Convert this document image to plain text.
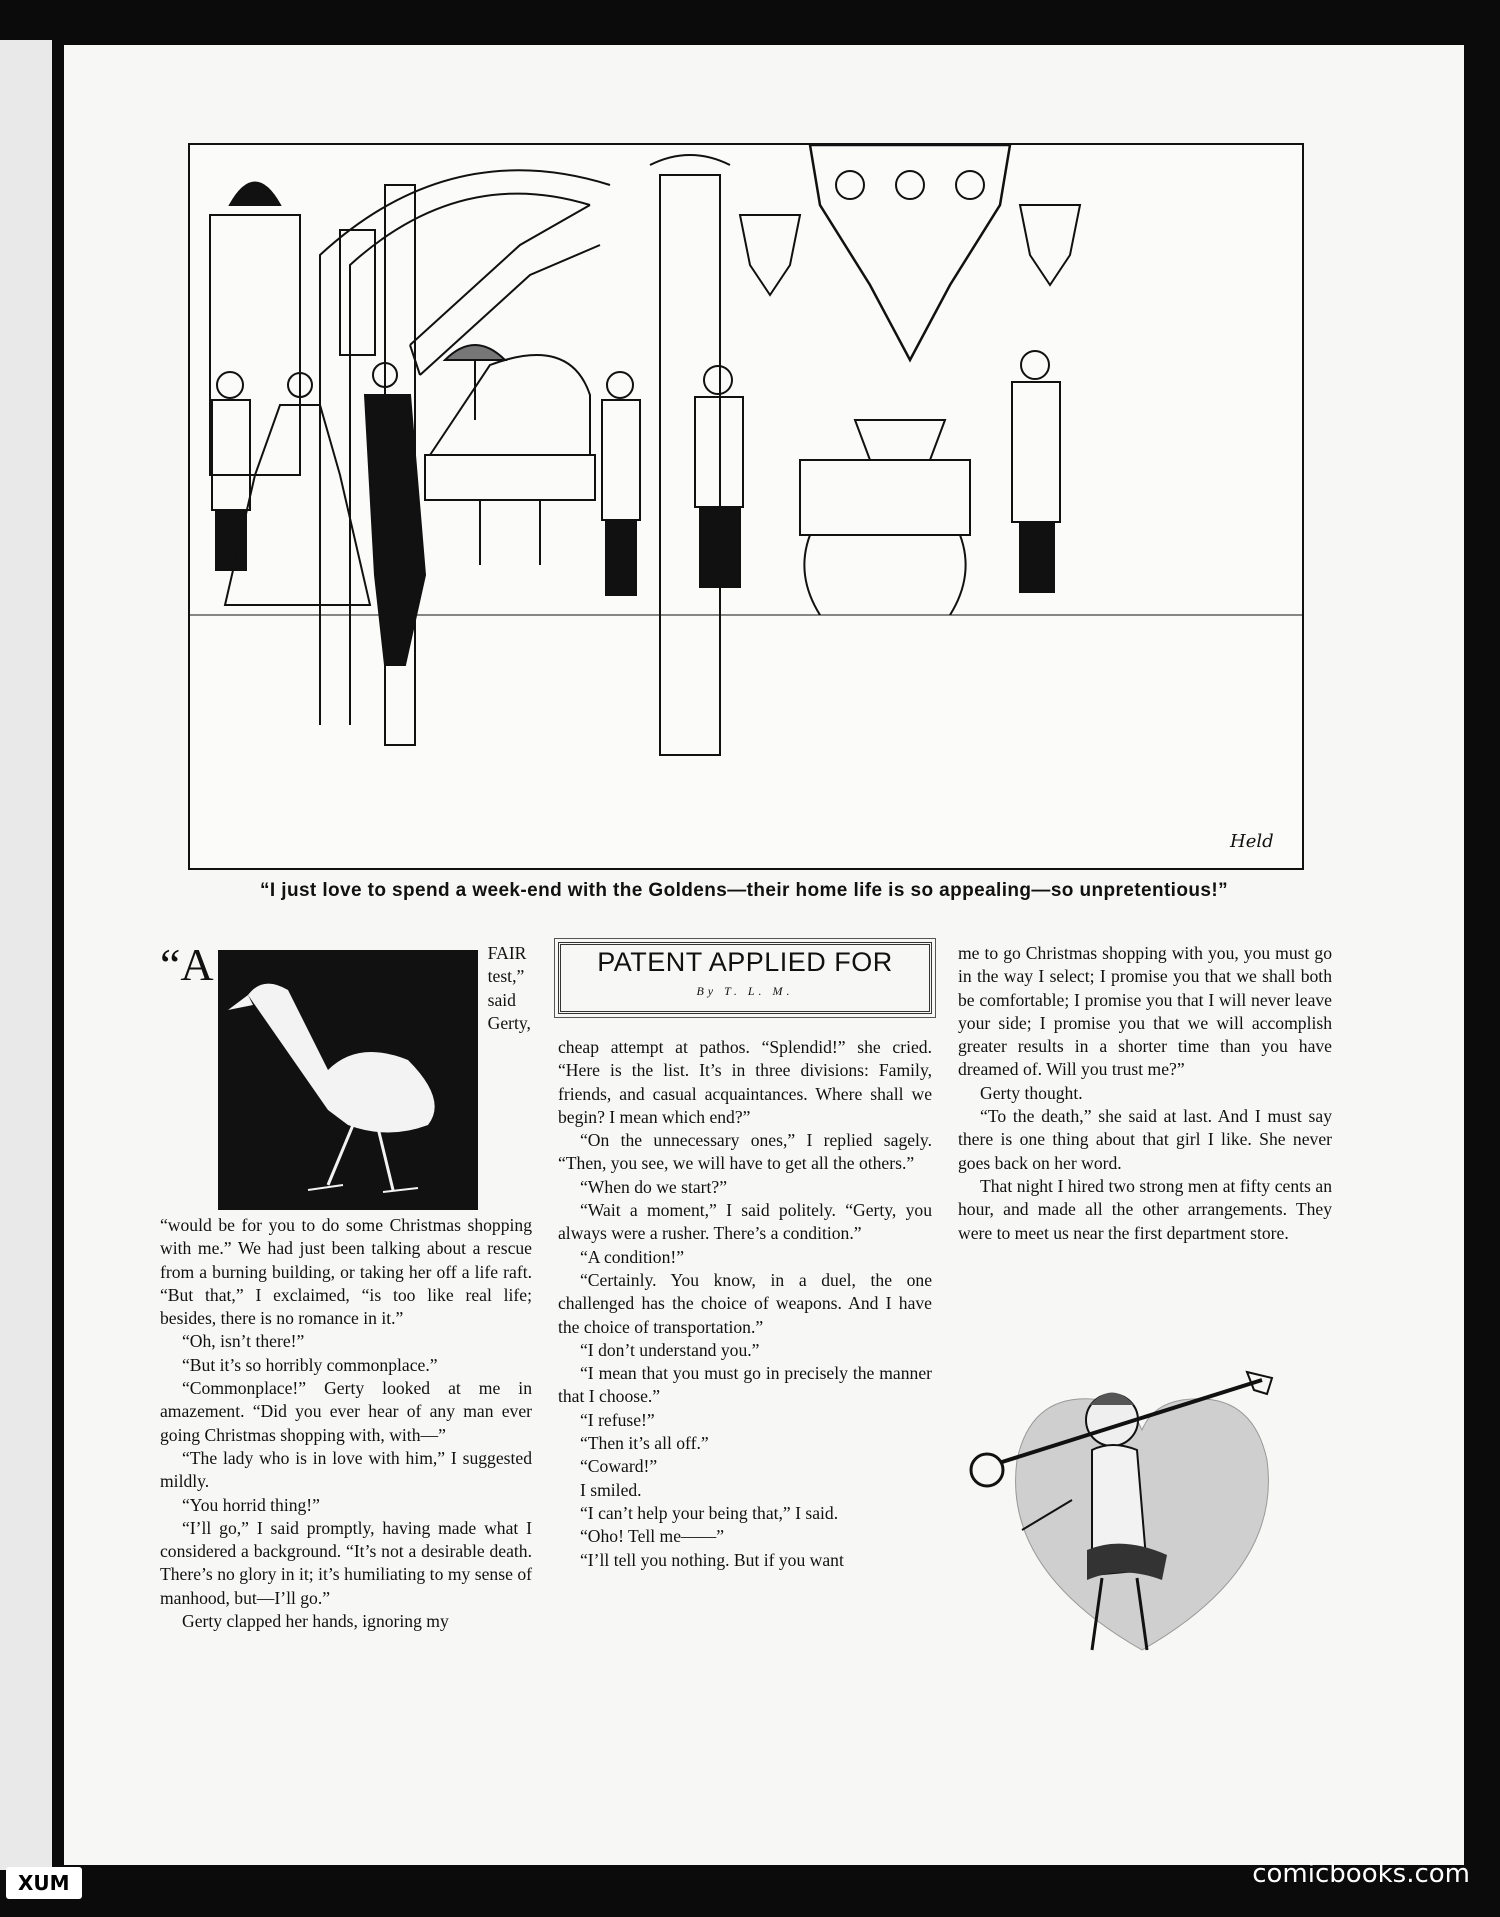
Held
“I just love to spend a week-end with the Goldens—their home life is so appealing—so unpretentious!”

“A	FAIR test,” said Gerty, “would be for you to do some Christmas shopping with me.” We had just been talking about a rescue from a burning building, or taking her off a life raft. “But that,” I exclaimed, “is too like real life; besides, there is no romance in it.”

“Oh, isn’t there!”

“But it’s so horribly commonplace.”

“Commonplace!” Gerty looked at me in amazement. “Did you ever hear of any man ever going Christmas shopping with, with—”

“The lady who is in love with him,” I suggested mildly.

“You horrid thing!”

“I’ll go,” I said promptly, having made what I considered a background. “It’s not a desirable death. There’s no glory in it; it’s humiliating to my sense of manhood, but—I’ll go.”

Gerty clapped her hands, ignoring my

PATENT APPLIED FOR
By T. L. M.

cheap attempt at pathos. “Splendid!” she cried. “Here is the list. It’s in three divisions: Family, friends, and casual acquaintances. Where shall we begin? I mean which end?”

“On the unnecessary ones,” I replied sagely. “Then, you see, we will have to get all the others.”

“When do we start?”

“Wait a moment,” I said politely. “Gerty, you always were a rusher. There’s a condition.”

“A condition!”

“Certainly. You know, in a duel, the one challenged has the choice of weapons. And I have the choice of transportation.”

“I don’t understand you.”

“I mean that you must go in precisely the manner that I choose.”

“I refuse!”

“Then it’s all off.”

“Coward!”

I smiled.

“I can’t help your being that,” I said.

“Oho! Tell me——”

“I’ll tell you nothing. But if you want

me to go Christmas shopping with you, you must go in the way I select; I promise you that we shall both be comfortable; I promise you that I will never leave your side; I promise you that we will accomplish greater results in a shorter time than you have dreamed of. Will you trust me?”

Gerty thought.

“To the death,” she said at last. And I must say there is one thing about that girl I like. She never goes back on her word.

That night I hired two strong men at fifty cents an hour, and made all the other arrangements. They were to meet us near the first department store.

XUM	comicbooks.com
